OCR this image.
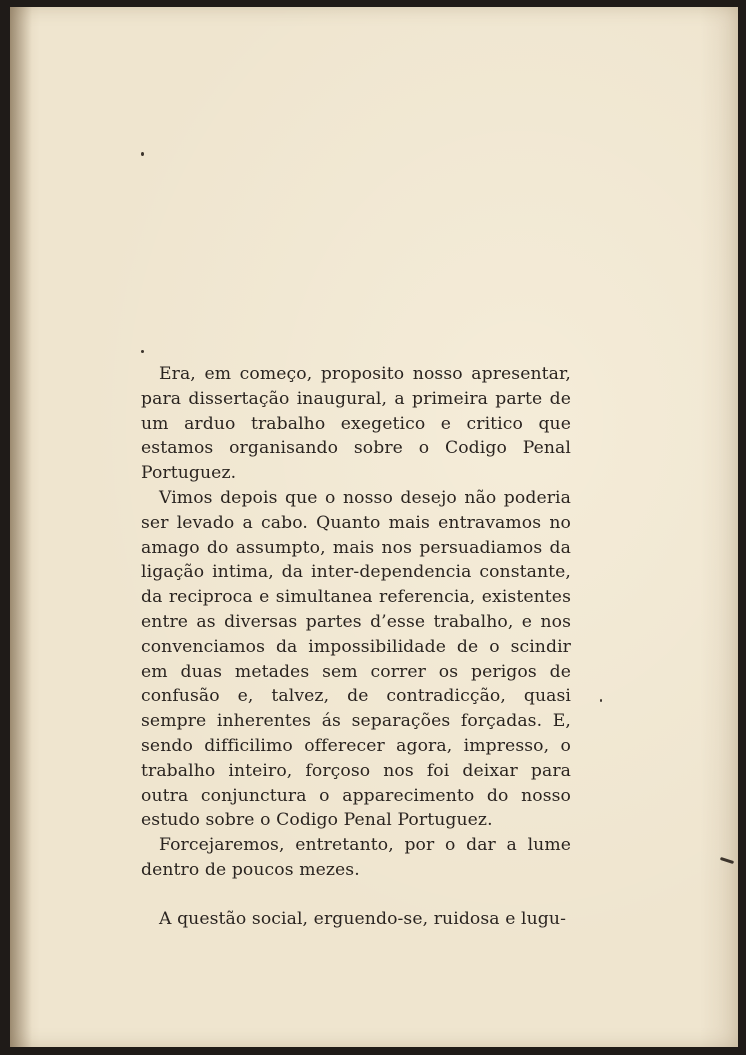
Era, em começo, proposito nosso apresentar, para dissertação inaugural, a primeira parte de um arduo trabalho exegetico e critico que estamos organisando sobre o Codigo Penal Portuguez.

Vimos depois que o nosso desejo não poderia ser levado a cabo. Quanto mais entravamos no amago do assumpto, mais nos persuadiamos da ligação intima, da inter-dependencia constante, da reciproca e simultanea referencia, existentes entre as diversas partes d’esse trabalho, e nos convenciamos da impossibilidade de o scindir em duas metades sem correr os perigos de confusão e, talvez, de contradicção, quasi sempre inherentes ás separações forçadas. E, sendo difficilimo offerecer agora, impresso, o trabalho inteiro, forçoso nos foi deixar para outra conjunctura o apparecimento do nosso estudo sobre o Codigo Penal Portuguez.

Forcejaremos, entretanto, por o dar a lume dentro de poucos mezes.

A questão social, erguendo-se, ruidosa e lugu-
